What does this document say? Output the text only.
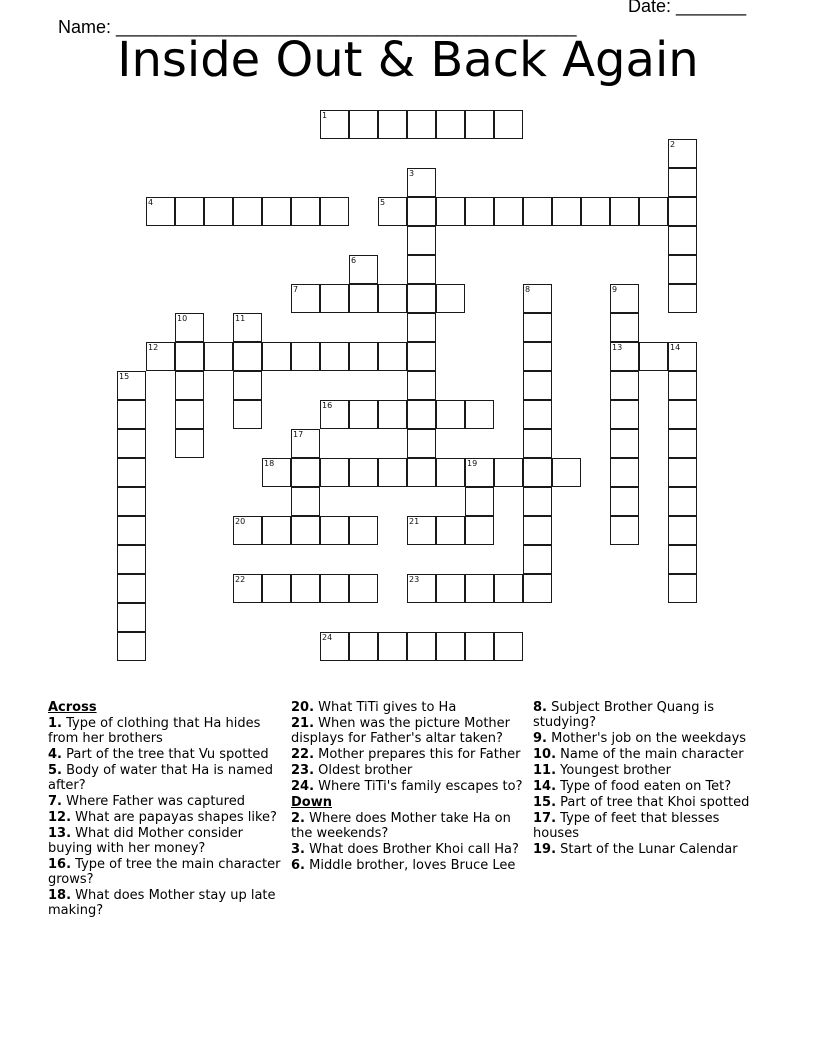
Name: ______________________________________________

Date: _______

Inside Out & Back Again
1
2
3
4	5
6
7	8	9
13
10	11
12	14
15
16
17
18	19
20	21
22	23
24
Across
1. Type of clothing that Ha hides from her brothers
4. Part of the tree that Vu spotted
5. Body of water that Ha is named after?
7. Where Father was captured
12. What are papayas shapes like?
13. What did Mother consider buying with her money?
16. Type of tree the main character grows?
18. What does Mother stay up late making?
20. What TiTi gives to Ha
21. When was the picture Mother displays for Father's altar taken?
22. Mother prepares this for Father
23. Oldest brother
24. Where TiTi's family escapes to?
Down
2. Where does Mother take Ha on the weekends?
3. What does Brother Khoi call Ha?
6. Middle brother, loves Bruce Lee
8. Subject Brother Quang is studying?
9. Mother's job on the weekdays
10. Name of the main character
11. Youngest brother
14. Type of food eaten on Tet?
15. Part of tree that Khoi spotted
17. Type of feet that blesses houses
19. Start of the Lunar Calendar
